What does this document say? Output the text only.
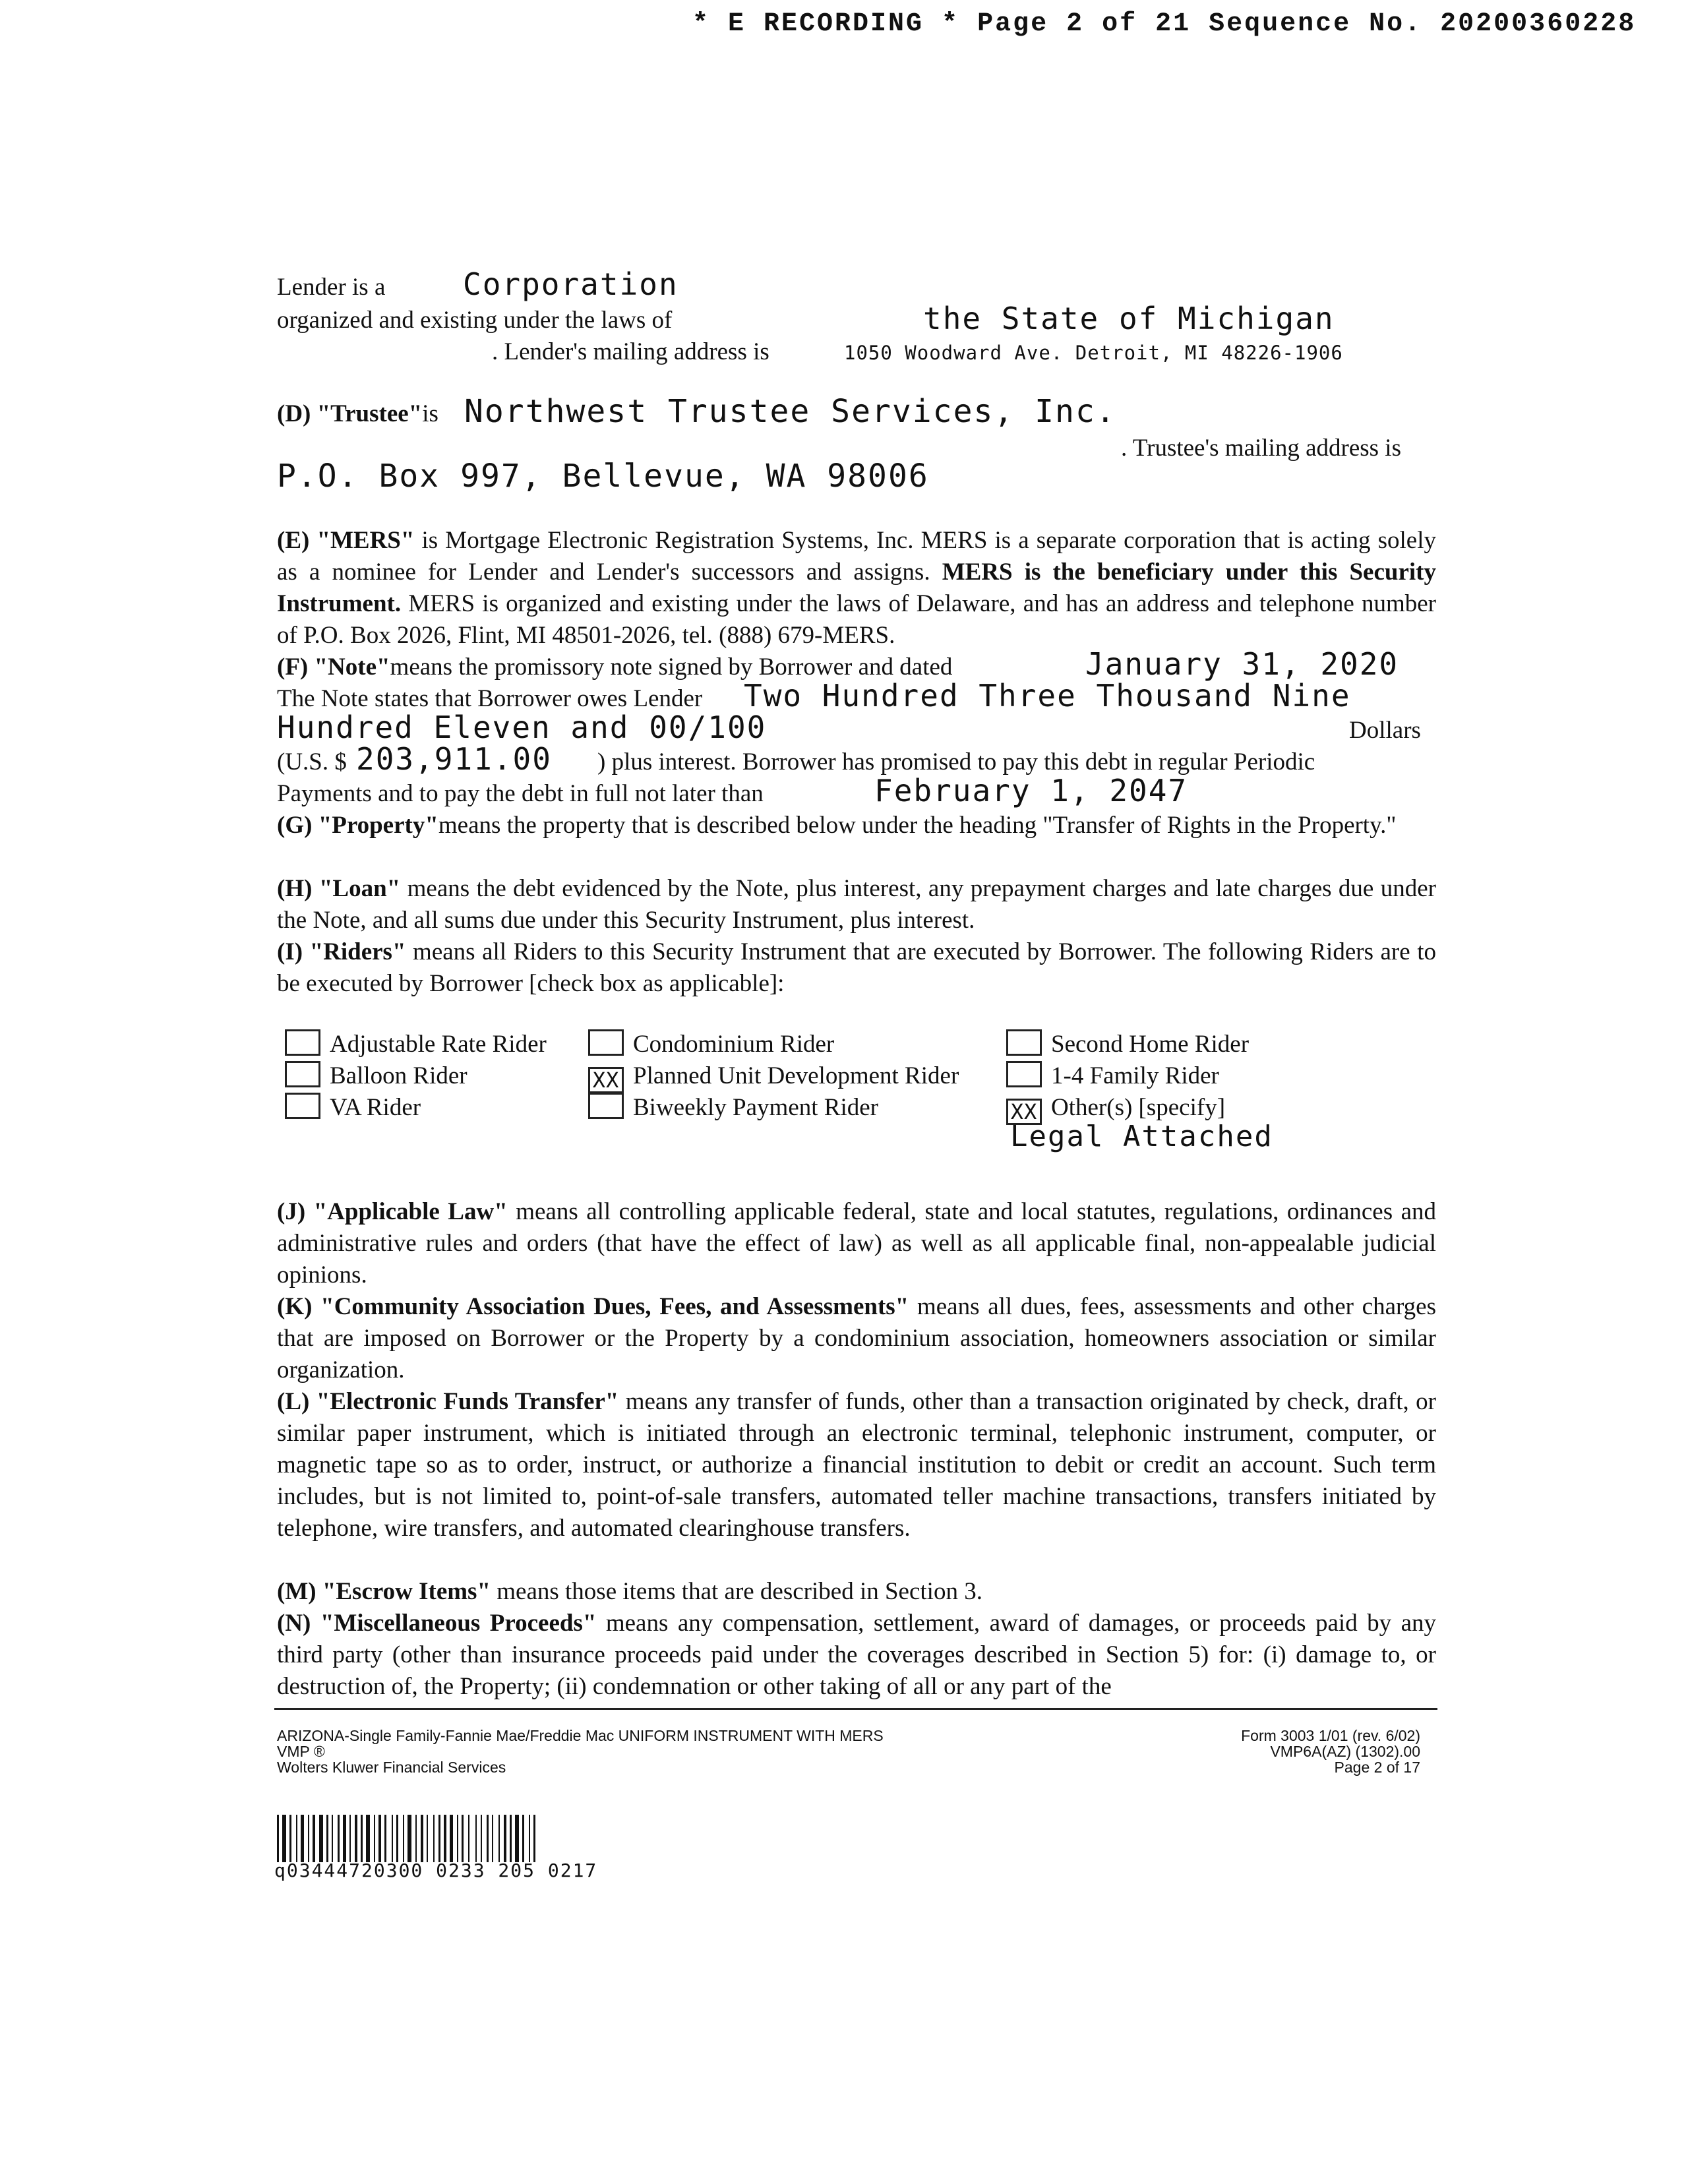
* E RECORDING * Page 2 of 21 Sequence No. 20200360228
Lender is a	Corporation
organized and existing under the laws of	the State of Michigan
. Lender's mailing address is	1050 Woodward Ave. Detroit, MI 48226-1906
(D) "Trustee"is Northwest Trustee Services, Inc.
. Trustee's mailing address is
P.O. Box 997, Bellevue, WA 98006
(E) "MERS" is Mortgage Electronic Registration Systems, Inc. MERS is a separate corporation that is acting solely as a nominee for Lender and Lender's successors and assigns. MERS is the beneficiary under this Security Instrument. MERS is organized and existing under the laws of Delaware, and has an address and telephone number of P.O. Box 2026, Flint, MI 48501-2026, tel. (888) 679-MERS.
(F) "Note"means the promissory note signed by Borrower and dated	January 31, 2020
The Note states that Borrower owes Lender Two Hundred Three Thousand Nine
Hundred Eleven and 00/100	Dollars
(U.S. $ 203,911.00 ) plus interest. Borrower has promised to pay this debt in regular Periodic
Payments and to pay the debt in full not later than	February 1, 2047
(G) "Property"means the property that is described below under the heading "Transfer of Rights in the Property."
(H) "Loan" means the debt evidenced by the Note, plus interest, any prepayment charges and late charges due under the Note, and all sums due under this Security Instrument, plus interest.
(I) "Riders" means all Riders to this Security Instrument that are executed by Borrower. The following Riders are to be executed by Borrower [check box as applicable]:
Adjustable Rate Rider
Balloon Rider
VA Rider
Condominium Rider
XX Planned Unit Development Rider
Biweekly Payment Rider
Second Home Rider
1-4 Family Rider
XX Other(s) [specify]
Legal Attached
(J) "Applicable Law" means all controlling applicable federal, state and local statutes, regulations, ordinances and administrative rules and orders (that have the effect of law) as well as all applicable final, non-appealable judicial opinions.
(K) "Community Association Dues, Fees, and Assessments" means all dues, fees, assessments and other charges that are imposed on Borrower or the Property by a condominium association, homeowners association or similar organization.
(L) "Electronic Funds Transfer" means any transfer of funds, other than a transaction originated by check, draft, or similar paper instrument, which is initiated through an electronic terminal, telephonic instrument, computer, or magnetic tape so as to order, instruct, or authorize a financial institution to debit or credit an account. Such term includes, but is not limited to, point-of-sale transfers, automated teller machine transactions, transfers initiated by telephone, wire transfers, and automated clearinghouse transfers.
(M) "Escrow Items" means those items that are described in Section 3.
(N) "Miscellaneous Proceeds" means any compensation, settlement, award of damages, or proceeds paid by any third party (other than insurance proceeds paid under the coverages described in Section 5) for: (i) damage to, or destruction of, the Property; (ii) condemnation or other taking of all or any part of the
ARIZONA-Single Family-Fannie Mae/Freddie Mac UNIFORM INSTRUMENT WITH MERS
VMP ®
Wolters Kluwer Financial Services
Form 3003 1/01 (rev. 6/02)
VMP6A(AZ) (1302).00
Page 2 of 17
q03444720300 0233 205 0217
